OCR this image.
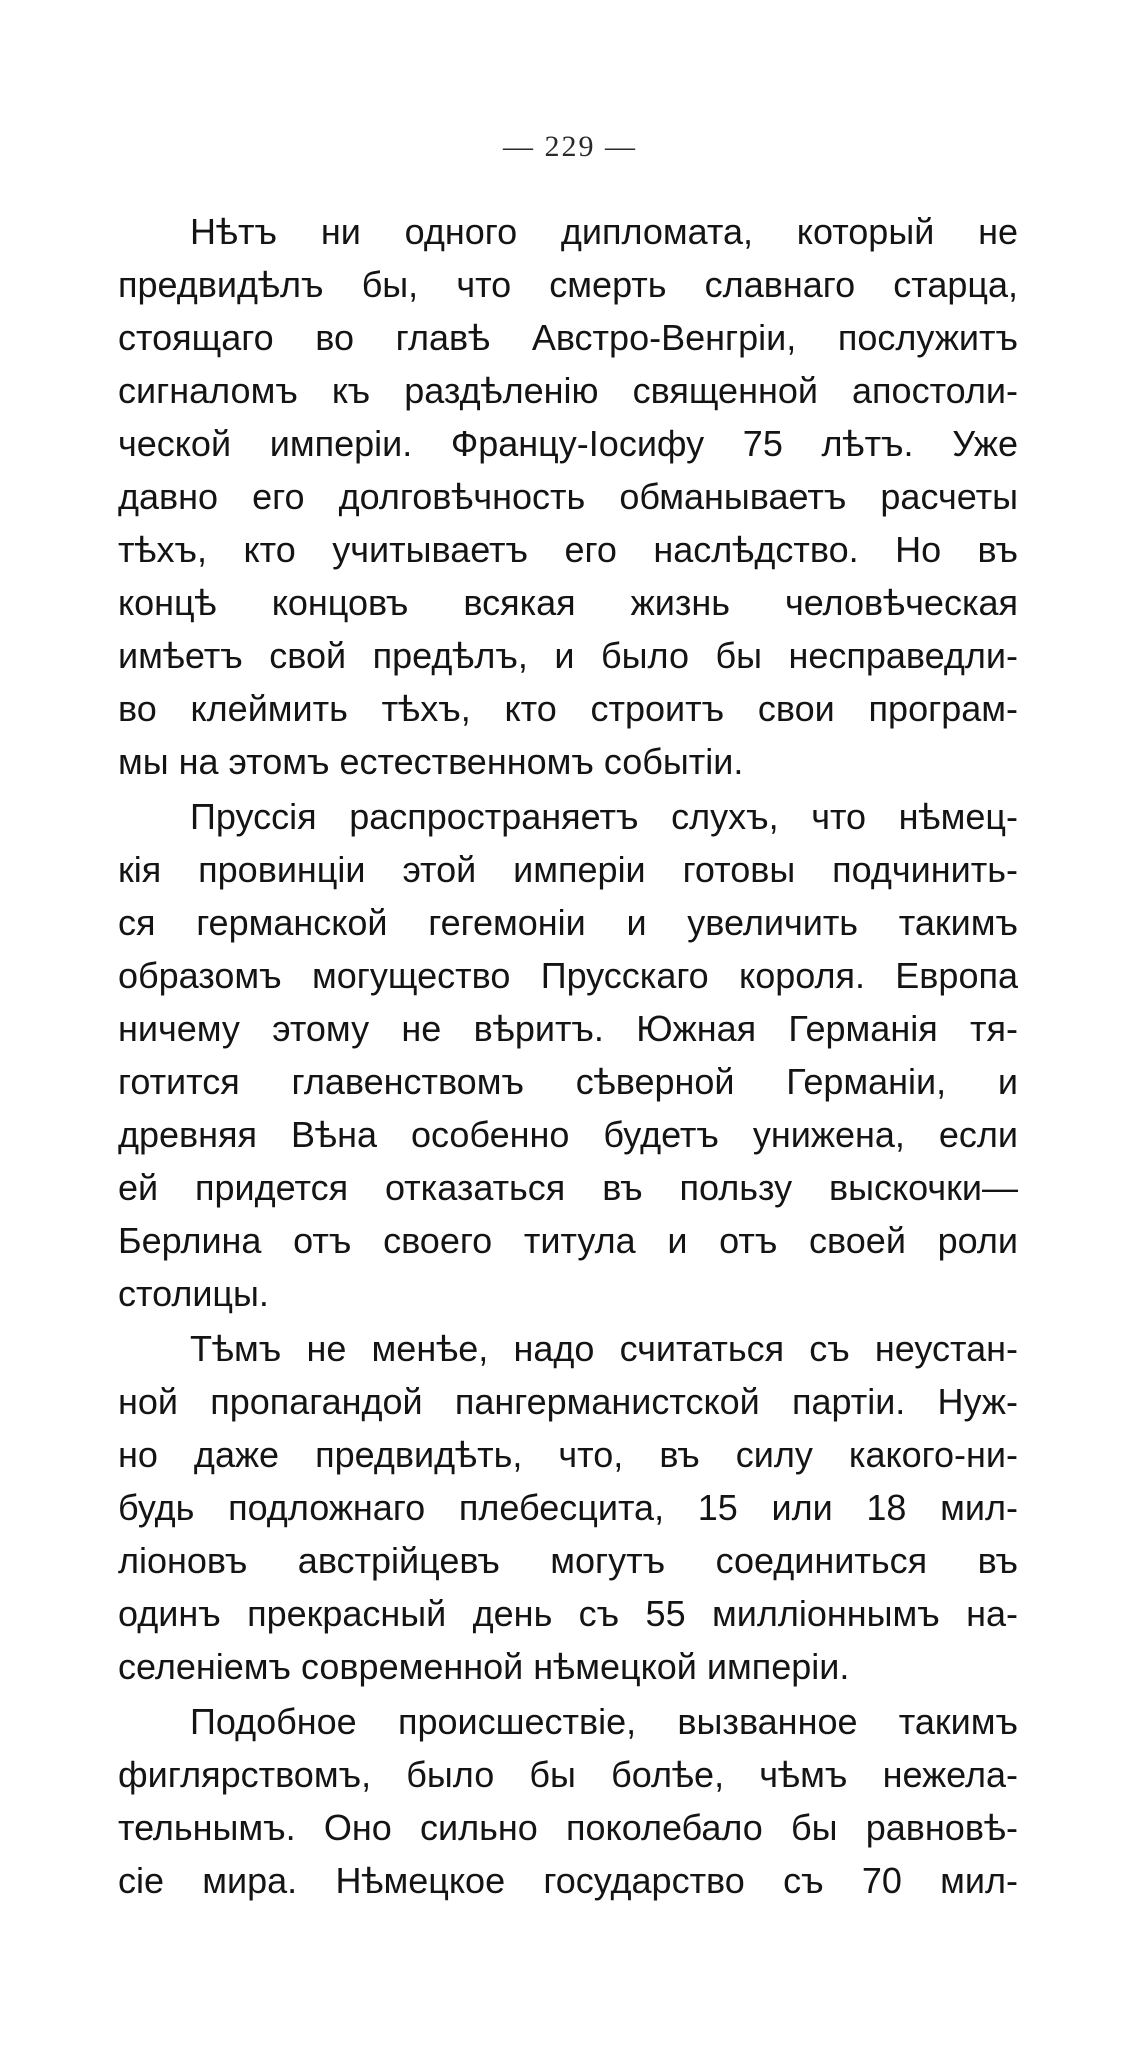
— 229 —
Нѣтъ ни одного дипломата, который не
предвидѣлъ бы, что смерть славнаго старца,
стоящаго во главѣ Австро-Венгріи, послужитъ
сигналомъ къ раздѣленію священной апостоли-
ческой имперіи. Францу-Іосифу 75 лѣтъ. Уже
давно его долговѣчность обманываетъ расчеты
тѣхъ, кто учитываетъ его наслѣдство. Но въ
концѣ концовъ всякая жизнь человѣческая
имѣетъ свой предѣлъ, и было бы несправедли-
во клеймить тѣхъ, кто строитъ свои програм-
мы на этомъ естественномъ событіи.
Пруссія распространяетъ слухъ, что нѣмец-
кія провинціи этой имперіи готовы подчинить-
ся германской гегемоніи и увеличить такимъ
образомъ могущество Прусскаго короля. Европа
ничему этому не вѣритъ. Южная Германія тя-
готится главенствомъ сѣверной Германіи, и
древняя Вѣна особенно будетъ унижена, если
ей придется отказаться въ пользу выскочки—
Берлина отъ своего титула и отъ своей роли
столицы.
Тѣмъ не менѣе, надо считаться съ неустан-
ной пропагандой пангерманистской партіи. Нуж-
но даже предвидѣть, что, въ силу какого-ни-
будь подложнаго плебесцита, 15 или 18 мил-
ліоновъ австрійцевъ могутъ соединиться въ
одинъ прекрасный день съ 55 милліоннымъ на-
селеніемъ современной нѣмецкой имперіи.
Подобное происшествіе, вызванное такимъ
фиглярствомъ, было бы болѣе, чѣмъ нежела-
тельнымъ. Оно сильно поколебало бы равновѣ-
сіе мира. Нѣмецкое государство съ 70 мил-
